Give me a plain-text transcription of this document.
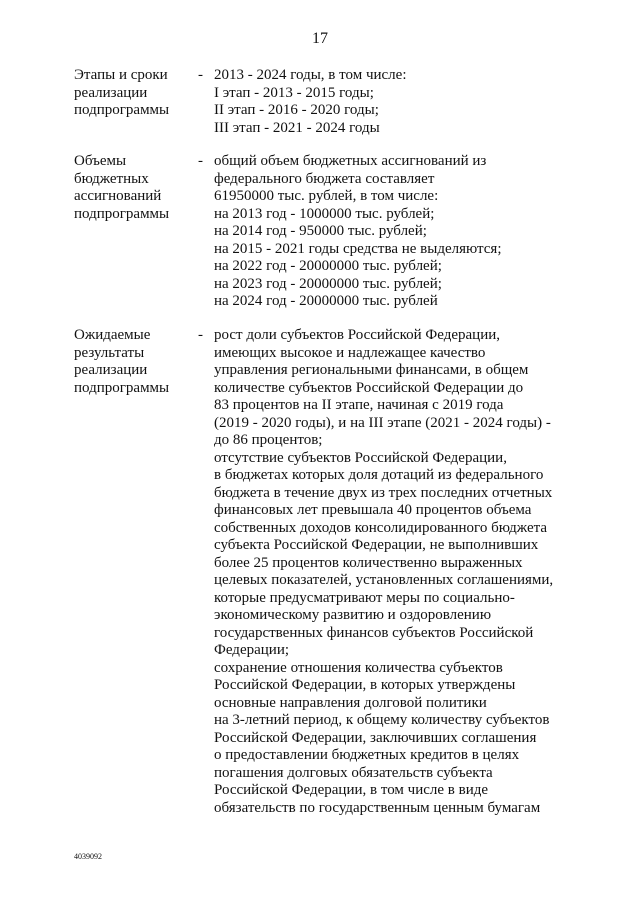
17
Этапы и сроки
реализации
подпрограммы
- 2013 - 2024 годы, в том числе:
I этап - 2013 - 2015 годы;
II этап - 2016 - 2020 годы;
III этап - 2021 - 2024 годы
Объемы
бюджетных
ассигнований
подпрограммы
- общий объем бюджетных ассигнований из
федерального бюджета составляет
61950000 тыс. рублей, в том числе:
на 2013 год - 1000000 тыс. рублей;
на 2014 год - 950000 тыс. рублей;
на 2015 - 2021 годы средства не выделяются;
на 2022 год - 20000000 тыс. рублей;
на 2023 год - 20000000 тыс. рублей;
на 2024 год - 20000000 тыс. рублей
Ожидаемые
результаты
реализации
подпрограммы
- рост доли субъектов Российской Федерации,
имеющих высокое и надлежащее качество
управления региональными финансами, в общем
количестве субъектов Российской Федерации до
83 процентов на II этапе, начиная с 2019 года
(2019 - 2020 годы), и на III этапе (2021 - 2024 годы) -
до 86 процентов;
отсутствие субъектов Российской Федерации,
в бюджетах которых доля дотаций из федерального
бюджета в течение двух из трех последних отчетных
финансовых лет превышала 40 процентов объема
собственных доходов консолидированного бюджета
субъекта Российской Федерации, не выполнивших
более 25 процентов количественно выраженных
целевых показателей, установленных соглашениями,
которые предусматривают меры по социально-
экономическому развитию и оздоровлению
государственных финансов субъектов Российской
Федерации;
сохранение отношения количества субъектов
Российской Федерации, в которых утверждены
основные направления долговой политики
на 3-летний период, к общему количеству субъектов
Российской Федерации, заключивших соглашения
о предоставлении бюджетных кредитов в целях
погашения долговых обязательств субъекта
Российской Федерации, в том числе в виде
обязательств по государственным ценным бумагам
4039092
